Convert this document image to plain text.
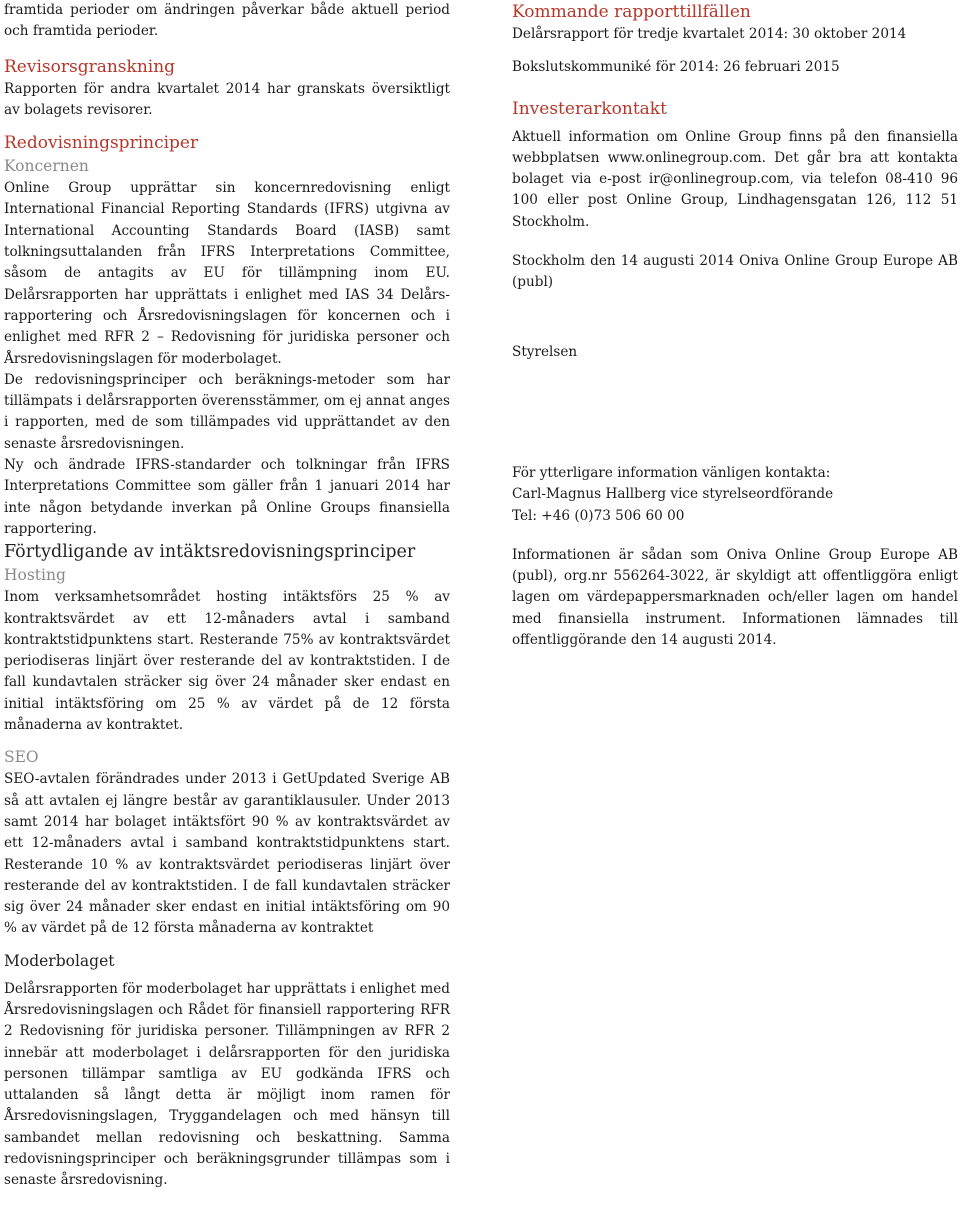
framtida perioder om ändringen påverkar både aktuell period och framtida perioder.

Revisorsgranskning

Rapporten för andra kvartalet 2014 har granskats översiktligt av bolagets revisorer.

Redovisningsprinciper
Koncernen

Online Group upprättar sin koncernredovisning enligt International Financial Reporting Standards (IFRS) utgivna av International Accounting Standards Board (IASB) samt tolkningsuttalanden från IFRS Interpretations Committee, såsom de antagits av EU för tillämpning inom EU. Delårsrapporten har upprättats i enlighet med IAS 34 Delårs-rapportering och Årsredovisningslagen för koncernen och i enlighet med RFR 2 – Redovisning för juridiska personer och Årsredovisningslagen för moderbolaget.

De redovisningsprinciper och beräknings-metoder som har tillämpats i delårsrapporten överensstämmer, om ej annat anges i rapporten, med de som tillämpades vid upprättandet av den senaste årsredovisningen.

Ny och ändrade IFRS-standarder och tolkningar från IFRS Interpretations Committee som gäller från 1 januari 2014 har inte någon betydande inverkan på Online Groups finansiella rapportering.

Förtydligande av intäktsredovisningsprinciper
Hosting

Inom verksamhetsområdet hosting intäktsförs 25 % av kontraktsvärdet av ett 12-månaders avtal i samband kontraktstidpunktens start. Resterande 75% av kontraktsvärdet periodiseras linjärt över resterande del av kontraktstiden. I de fall kundavtalen sträcker sig över 24 månader sker endast en initial intäktsföring om 25 % av värdet på de 12 första månaderna av kontraktet.

SEO

SEO-avtalen förändrades under 2013 i GetUpdated Sverige AB så att avtalen ej längre består av garantiklausuler. Under 2013 samt 2014 har bolaget intäktsfört 90 % av kontraktsvärdet av ett 12-månaders avtal i samband kontraktstidpunktens start. Resterande 10 % av kontraktsvärdet periodiseras linjärt över resterande del av kontraktstiden. I de fall kundavtalen sträcker sig över 24 månader sker endast en initial intäktsföring om 90 % av värdet på de 12 första månaderna av kontraktet

Moderbolaget

Delårsrapporten för moderbolaget har upprättats i enlighet med Årsredovisningslagen och Rådet för finansiell rapportering RFR 2 Redovisning för juridiska personer. Tillämpningen av RFR 2 innebär att moderbolaget i delårsrapporten för den juridiska personen tillämpar samtliga av EU godkända IFRS och uttalanden så långt detta är möjligt inom ramen för Årsredovisningslagen, Tryggandelagen och med hänsyn till sambandet mellan redovisning och beskattning. Samma redovisningsprinciper och beräkningsgrunder tillämpas som i senaste årsredovisning.

Kommande rapporttillfällen

Delårsrapport för tredje kvartalet 2014: 30 oktober 2014

Bokslutskommuniké för 2014: 26 februari 2015

Investerarkontakt

Aktuell information om Online Group finns på den finansiella webbplatsen www.onlinegroup.com. Det går bra att kontakta bolaget via e-post ir@onlinegroup.com, via telefon 08-410 96 100 eller post Online Group, Lindhagensgatan 126, 112 51 Stockholm.

Stockholm den 14 augusti 2014 Oniva Online Group Europe AB (publ)

Styrelsen

För ytterligare information vänligen kontakta:

Carl-Magnus Hallberg vice styrelseordförande

Tel: +46 (0)73 506 60 00

Informationen är sådan som Oniva Online Group Europe AB (publ), org.nr 556264-3022, är skyldigt att offentliggöra enligt lagen om värdepappersmarknaden och/eller lagen om handel med finansiella instrument. Informationen lämnades till offentliggörande den 14 augusti 2014.
